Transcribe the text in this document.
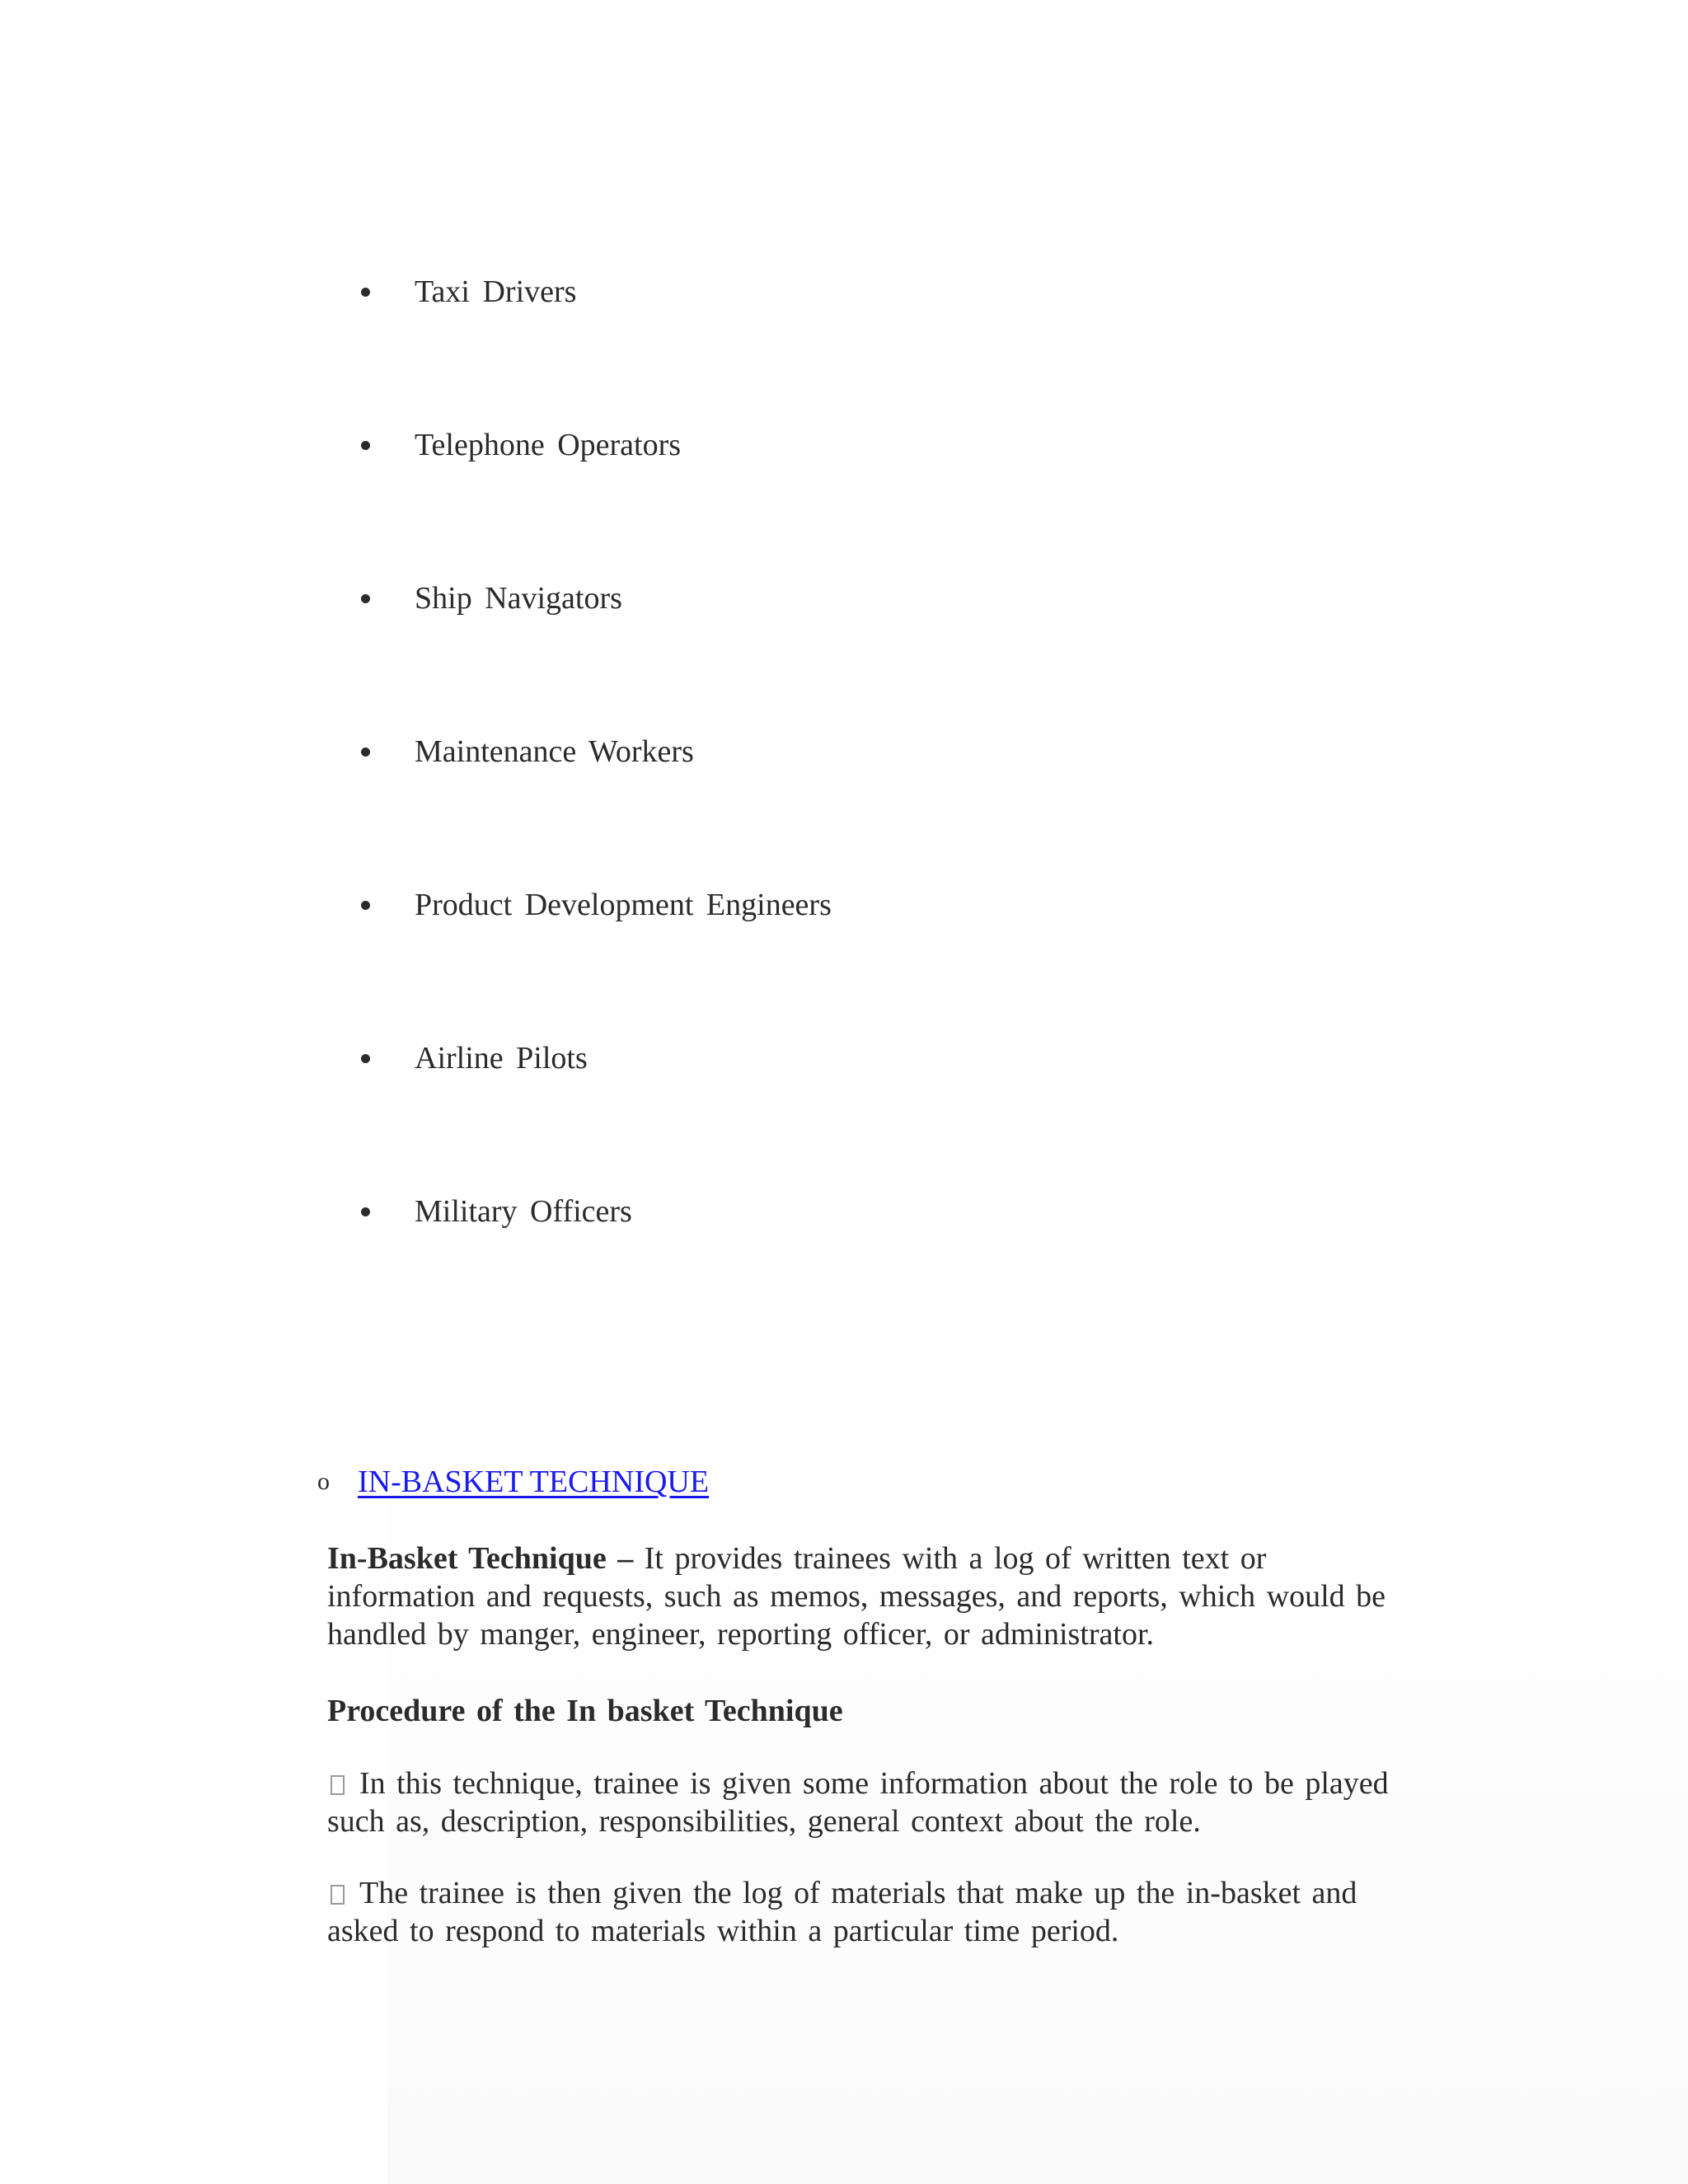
Taxi Drivers
Telephone Operators
Ship Navigators
Maintenance Workers
Product Development Engineers
Airline Pilots
Military Officers
o IN-BASKET TECHNIQUE

In-Basket Technique – It provides trainees with a log of written text or information and requests, such as memos, messages, and reports, which would be handled by manger, engineer, reporting officer, or administrator.

Procedure of the In basket Technique

In this technique, trainee is given some information about the role to be played such as, description, responsibilities, general context about the role.

The trainee is then given the log of materials that make up the in-basket and asked to respond to materials within a particular time period.
